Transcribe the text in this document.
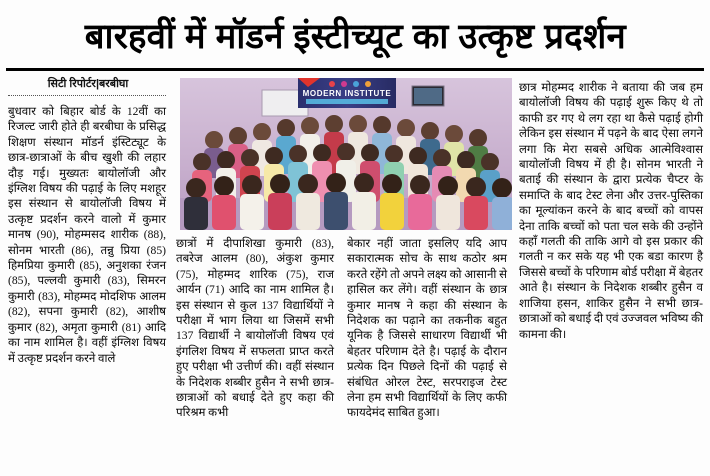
बारहवीं में मॉडर्न इंस्टीच्यूट का उत्कृष्ट प्रदर्शन
सिटी रिपोर्टर|बरबीघा
MODERN INSTITUTE

बुधवार को बिहार बोर्ड के 12वीं का रिजल्ट जारी होते ही बरबीघा के प्रसिद्ध शिक्षण संस्थान मॉडर्न इंस्टिट्यूट के छात्र-छात्राओं के बीच खुशी की लहार दौड़ गई। मुख्यतः बायोलॉजी और इंग्लिश विषय की पढ़ाई के लिए मशहूर इस संस्थान से बायोलॉजी विषय में उत्कृष्ट प्रदर्शन करने वालो में कुमार मानष (90), मोहम्मसद शारीक (88), सोनम भारती (86), तन्नु प्रिया (85) हिमप्रिया कुमारी (85), अनुशका रंजन (85), पल्लवी कुमारी (83), सिमरन कुमारी (83), मोहम्मद मोदशिफ आलम (82), सपना कुमारी (82), आशीष कुमार (82), अमृता कुमारी (81) आदि का नाम शामिल है। वहीं इंग्लिश विषय में उत्कृष्ट प्रदर्शन करने वाले

छात्रों में दीपाशिखा कुमारी (83), तबरेज आलम (80), अंकुश कुमार (75), मोहम्मद शारिक (75), राज आर्यन (71) आदि का नाम शामिल है। इस संस्थान से कुल 137 विद्यार्थियों ने परीक्षा में भाग लिया था जिसमें सभी 137 विद्यार्थी ने बायोलॉजी विषय एवं इंगलिश विषय में सफलता प्राप्त करते हुए परीक्षा भी उत्तीर्ण की। वहीं संस्थान के निदेशक शब्बीर हुसैन ने सभी छात्र-छात्राओं को बधाई देते हुए कहा की परिश्रम कभी

बेकार नहीं जाता इसलिए यदि आप सकारात्मक सोच के साथ कठोर श्रम करते रहेंगे तो अपने लक्ष्य को आसानी से हासिल कर लेंगे। वहीं संस्थान के छात्र कुमार मानष ने कहा की संस्थान के निदेशक का पढ़ाने का तकनीक बहुत यूनिक है जिससे साधारण विद्यार्थी भी बेहतर परिणाम देते है। पढ़ाई के दौरान प्रत्येक दिन पिछले दिनों की पढ़ाई से संबंधित ओरल टेस्ट, सरपराइज टेस्ट लेना हम सभी विद्यार्थियों के लिए कफी फायदेमंद साबित हुआ।

छात्र मोहम्मद शारीक ने बताया की जब हम बायोलॉजी विषय की पढ़ाई शुरू किए थे तो काफी डर गए थे लग रहा था कैसे पढ़ाई होगी लेकिन इस संस्थान में पढ़ने के बाद ऐसा लगने लगा कि मेरा सबसे अधिक आत्मेविश्वास बायोलॉजी विषय में ही है। सोनम भारती ने बताई की संस्थान के द्वारा प्रत्येक चैप्टर के समाप्ति के बाद टेस्ट लेना और उत्तर-पुस्तिका का मूल्यांकन करने के बाद बच्चों को वापस देना ताकि बच्चों को पता चल सके की उन्होंने कहाँ गलती की ताकि आगे वो इस प्रकार की गलती न कर सके यह भी एक बडा कारण है जिससे बच्चों के परिणाम बोर्ड परीक्षा में बेहतर आते है। संस्थान के निदेशक शब्बीर हुसैन व शाजिया हसन, शाकिर हुसैन ने सभी छात्र-छात्राओं को बधाई दी एवं उज्जवल भविष्य की कामना की।
